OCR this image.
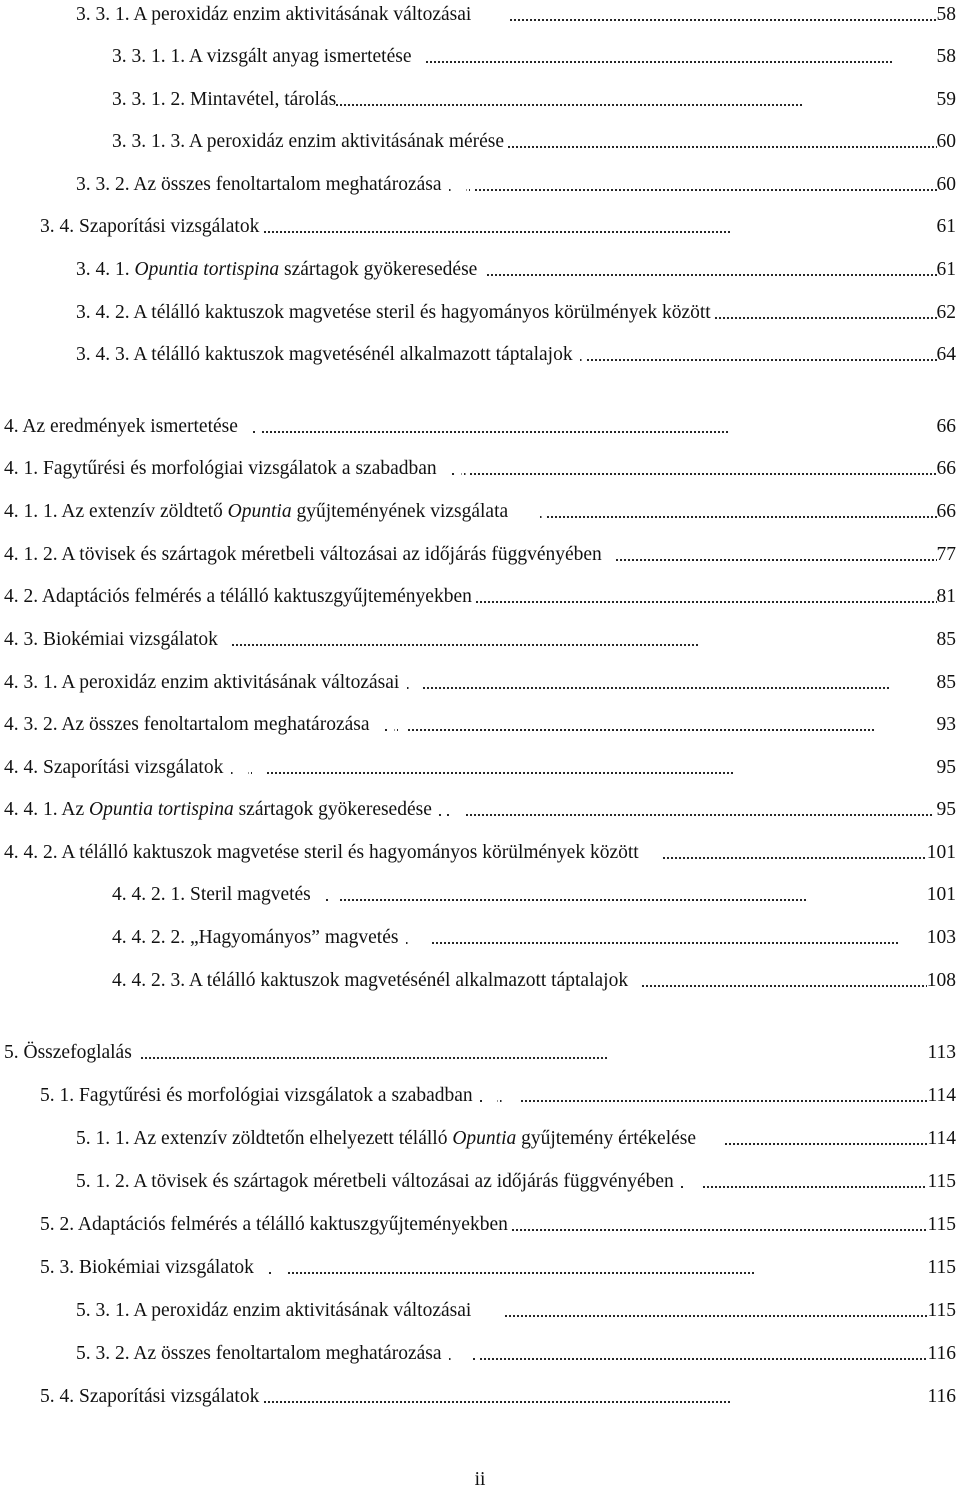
3. 3. 1. A peroxidáz enzim aktivitásának változásai	58
3. 3. 1. 1. A vizsgált anyag ismertetése	58
3. 3. 1. 2. Mintavétel, tárolás	59
3. 3. 1. 3. A peroxidáz enzim aktivitásának mérése	60
3. 3. 2. Az összes fenoltartalom meghatározása	60
3. 4. Szaporítási vizsgálatok	61
3. 4. 1. Opuntia tortispina szártagok gyökeresedése	61
3. 4. 2. A télálló kaktuszok magvetése steril és hagyományos körülmények között	62
3. 4. 3. A télálló kaktuszok magvetésénél alkalmazott táptalajok	64
4. Az eredmények ismertetése	66
4. 1. Fagytűrési és morfológiai vizsgálatok a szabadban	66
4. 1. 1. Az extenzív zöldtető Opuntia gyűjteményének vizsgálata	66
4. 1. 2. A tövisek és szártagok méretbeli változásai az időjárás függvényében	77
4. 2. Adaptációs felmérés a télálló kaktuszgyűjteményekben	81
4. 3. Biokémiai vizsgálatok	85
4. 3. 1. A peroxidáz enzim aktivitásának változásai	85
4. 3. 2. Az összes fenoltartalom meghatározása	93
4. 4. Szaporítási vizsgálatok	95
4. 4. 1. Az Opuntia tortispina szártagok gyökeresedése	95
4. 4. 2. A télálló kaktuszok magvetése steril és hagyományos körülmények között	101
4. 4. 2. 1. Steril magvetés	101
4. 4. 2. 2. „Hagyományos” magvetés	103
4. 4. 2. 3. A télálló kaktuszok magvetésénél alkalmazott táptalajok	108
5. Összefoglalás	113
5. 1. Fagytűrési és morfológiai vizsgálatok a szabadban	114
5. 1. 1. Az extenzív zöldtetőn elhelyezett télálló Opuntia gyűjtemény értékelése	114
5. 1. 2. A tövisek és szártagok méretbeli változásai az időjárás függvényében	115
5. 2. Adaptációs felmérés a télálló kaktuszgyűjteményekben	115
5. 3. Biokémiai vizsgálatok	115
5. 3. 1. A peroxidáz enzim aktivitásának változásai	115
5. 3. 2. Az összes fenoltartalom meghatározása	116
5. 4. Szaporítási vizsgálatok	116
ii
